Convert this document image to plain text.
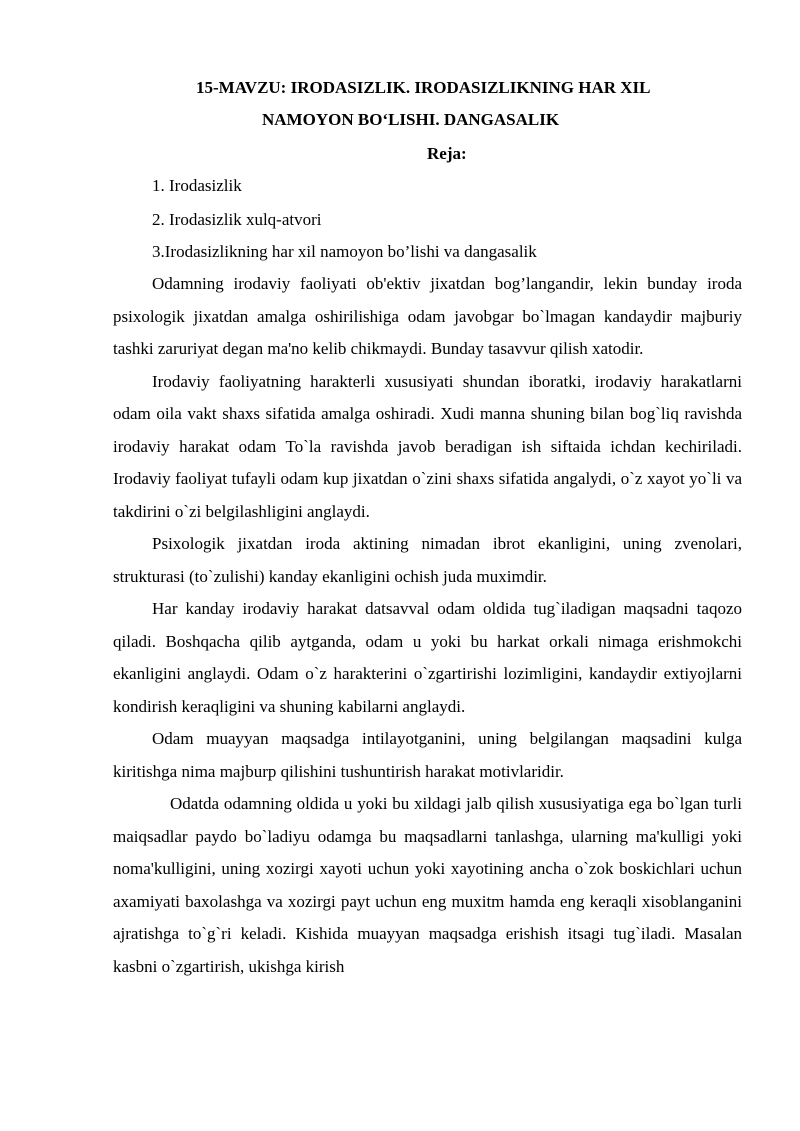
15-MAVZU: IRODASIZLIK. IRODASIZLIKNING HAR XIL
NAMOYON BO‘LISHI. DANGASALIK
Reja:
1. Irodasizlik
2. Irodasizlik xulq-atvori
3.Irodasizlikning har xil namoyon bo’lishi va dangasalik

Odamning irodaviy faoliyati ob'ektiv jixatdan bog’langandir, lekin bunday iroda psixologik jixatdan amalga oshirilishiga odam javobgar bo`lmagan kandaydir majburiy tashki zaruriyat degan ma'no kelib chikmaydi. Bunday tasavvur qilish xatodir.

Irodaviy faoliyatning harakterli xususiyati shundan iboratki, irodaviy harakatlarni odam oila vakt shaxs sifatida amalga oshiradi. Xudi manna shuning bilan bog`liq ravishda irodaviy harakat odam To`la ravishda javob beradigan ish siftaida ichdan kechiriladi. Irodaviy faoliyat tufayli odam kup jixatdan o`zini shaxs sifatida angalydi, o`z xayot yo`li va takdirini o`zi belgilashligini anglaydi.

Psixologik jixatdan iroda aktining nimadan ibrot ekanligini, uning zvenolari, strukturasi (to`zulishi) kanday ekanligini ochish juda muximdir.

Har kanday irodaviy harakat datsavval odam oldida tug`iladigan maqsadni taqozo qiladi. Boshqacha qilib aytganda, odam u yoki bu harkat orkali nimaga erishmokchi ekanligini anglaydi. Odam o`z harakterini o`zgartirishi lozimligini, kandaydir extiyojlarni kondirish keraqligini va shuning kabilarni anglaydi.

Odam muayyan maqsadga intilayotganini, uning belgilangan maqsadini kulga kiritishga nima majburp qilishini tushuntirish harakat motivlaridir.

Odatda odamning oldida u yoki bu xildagi jalb qilish xususiyatiga ega bo`lgan turli maiqsadlar paydo bo`ladiyu odamga bu maqsadlarni tanlashga, ularning ma'kulligi yoki noma'kulligini, uning xozirgi xayoti uchun yoki xayotining ancha o`zok boskichlari uchun axamiyati baxolashga va xozirgi payt uchun eng muxitm hamda eng keraqli xisoblanganini ajratishga to`g`ri keladi. Kishida muayyan maqsadga erishish itsagi tug`iladi. Masalan kasbni o`zgartirish, ukishga kirish
